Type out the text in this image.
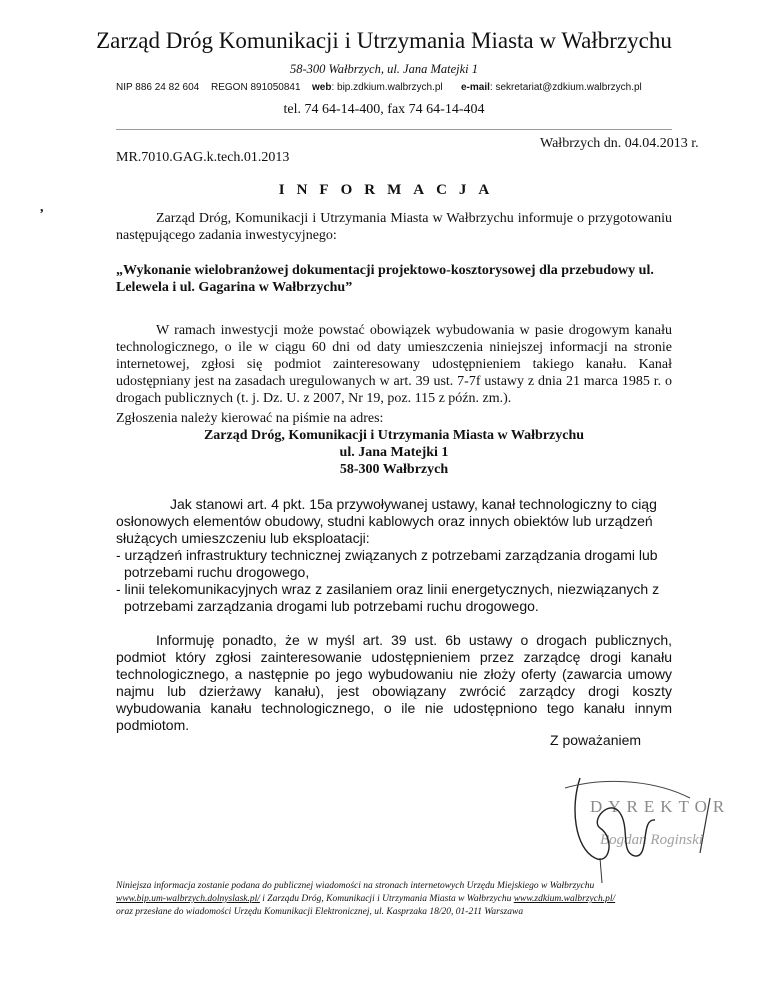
Zarząd Dróg Komunikacji i Utrzymania Miasta w Wałbrzychu
58-300 Wałbrzych, ul. Jana Matejki 1
NIP 886 24 82 604 REGON 891050841 web: bip.zdkium.walbrzych.pl e-mail: sekretariat@zdkium.walbrzych.pl
tel. 74 64-14-400, fax 74 64-14-404
Wałbrzych dn. 04.04.2013 r.
MR.7010.GAG.k.tech.01.2013
INFORMACJA
,
Zarząd Dróg, Komunikacji i Utrzymania Miasta w Wałbrzychu informuje o przygotowaniu następującego zadania inwestycyjnego:
„Wykonanie wielobranżowej dokumentacji projektowo-kosztorysowej dla przebudowy ul. Lelewela i ul. Gagarina w Wałbrzychu”
W ramach inwestycji może powstać obowiązek wybudowania w pasie drogowym kanału technologicznego, o ile w ciągu 60 dni od daty umieszczenia niniejszej informacji na stronie internetowej, zgłosi się podmiot zainteresowany udostępnieniem takiego kanału. Kanał udostępniany jest na zasadach uregulowanych w art. 39 ust. 7-7f ustawy z dnia 21 marca 1985 r. o drogach publicznych (t. j. Dz. U. z 2007, Nr 19, poz. 115 z późn. zm.).
Zgłoszenia należy kierować na piśmie na adres:
Zarząd Dróg, Komunikacji i Utrzymania Miasta w Wałbrzychu
ul. Jana Matejki 1
58-300 Wałbrzych
Jak stanowi art. 4 pkt. 15a przywoływanej ustawy, kanał technologiczny to ciąg osłonowych elementów obudowy, studni kablowych oraz innych obiektów lub urządzeń służących umieszczeniu lub eksploatacji:
- urządzeń infrastruktury technicznej związanych z potrzebami zarządzania drogami lub
potrzebami ruchu drogowego,
- linii telekomunikacyjnych wraz z zasilaniem oraz linii energetycznych, niezwiązanych z
potrzebami zarządzania drogami lub potrzebami ruchu drogowego.
Informuję ponadto, że w myśl art. 39 ust. 6b ustawy o drogach publicznych, podmiot który zgłosi zainteresowanie udostępnieniem przez zarządcę drogi kanału technologicznego, a następnie po jego wybudowaniu nie złoży oferty (zawarcia umowy najmu lub dzierżawy kanału), jest obowiązany zwrócić zarządcy drogi koszty wybudowania kanału technologicznego, o ile nie udostępniono tego kanału innym podmiotom.
Z poważaniem
DYREKTOR
Bogdan Roginski
Niniejsza informacja zostanie podana do publicznej wiadomości na stronach internetowych Urzędu Miejskiego w Wałbrzychu
www.bip.um-walbrzych.dolnyslask.pl/ i Zarządu Dróg, Komunikacji i Utrzymania Miasta w Wałbrzychu www.zdkium.walbrzych.pl/
oraz przesłane do wiadomości Urzędu Komunikacji Elektronicznej, ul. Kasprzaka 18/20, 01-211 Warszawa
